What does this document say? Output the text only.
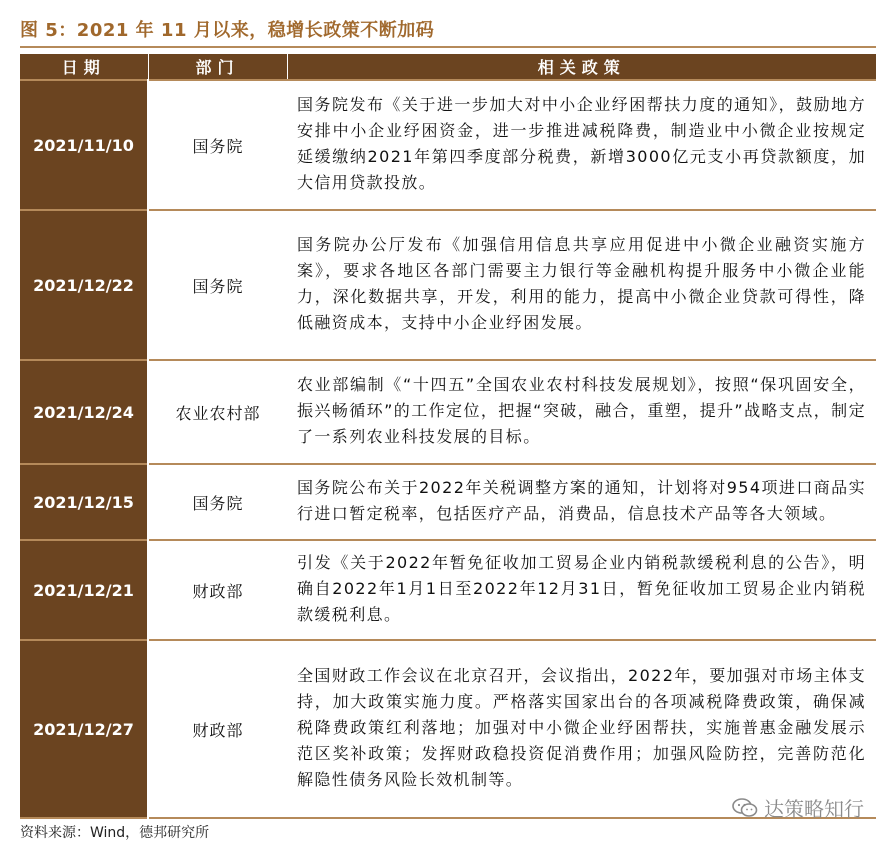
图 5：2021 年 11 月以来，稳增长政策不断加码
日期	部门	相关政策
2021/11/10	国务院	国务院发布《关于进一步加大对中小企业纾困帮扶力度的通知》，鼓励地方安排中小企业纾困资金，进一步推进减税降费，制造业中小微企业按规定延缓缴纳2021年第四季度部分税费，新增3000亿元支小再贷款额度，加大信用贷款投放。
2021/12/22	国务院	国务院办公厅发布《加强信用信息共享应用促进中小微企业融资实施方案》，要求各地区各部门需要主力银行等金融机构提升服务中小微企业能力，深化数据共享，开发，利用的能力，提高中小微企业贷款可得性，降低融资成本，支持中小企业纾困发展。
2021/12/24	农业农村部	农业部编制《“十四五”全国农业农村科技发展规划》，按照“保巩固安全，振兴畅循环”的工作定位，把握“突破，融合，重塑，提升”战略支点，制定了一系列农业科技发展的目标。
2021/12/15	国务院	国务院公布关于2022年关税调整方案的通知，计划将对954项进口商品实行进口暂定税率，包括医疗产品，消费品，信息技术产品等各大领域。
2021/12/21	财政部	引发《关于2022年暂免征收加工贸易企业内销税款缓税利息的公告》，明确自2022年1月1日至2022年12月31日，暂免征收加工贸易企业内销税款缓税利息。
2021/12/27	财政部	全国财政工作会议在北京召开，会议指出，2022年，要加强对市场主体支持，加大政策实施力度。严格落实国家出台的各项减税降费政策，确保减税降费政策红利落地；加强对中小微企业纾困帮扶，实施普惠金融发展示范区奖补政策；发挥财政稳投资促消费作用；加强风险防控，完善防范化解隐性债务风险长效机制等。
达策略知行
资料来源：Wind，德邦研究所
